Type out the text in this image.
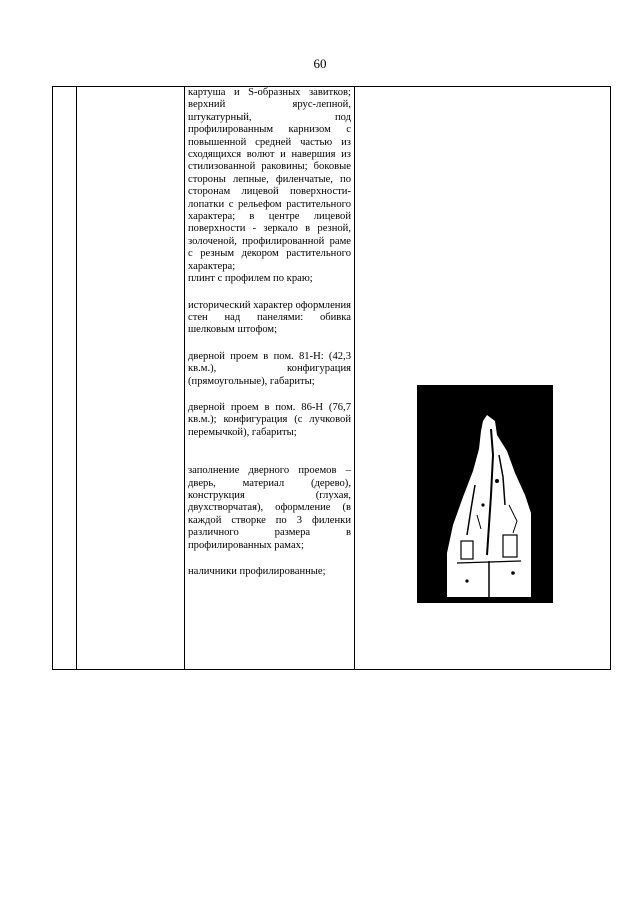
60

картуша и S-образных завитков; верхний ярус-лепной, штукатурный, под профилированным карнизом с повышенной средней частью из сходящихся волют и навершия из стилизованной раковины; боковые стороны лепные, филенчатые, по сторонам лицевой поверхности- лопатки с рельефом растительного характера; в центре лицевой поверхности - зеркало в резной, золоченой, профилированной раме с резным декором растительного характера;
плинт с профилем по краю;
исторический характер оформления стен над панелями: обивка шелковым штофом;
дверной проем в пом. 81-Н: (42,3 кв.м.), конфигурация (прямоугольные), габариты;
дверной проем в пом. 86-Н (76,7 кв.м.); конфигурация (с лучковой перемычкой), габариты;
заполнение дверного проемов – дверь, материал (дерево), конструкция (глухая, двухстворчатая), оформление (в каждой створке по 3 филенки различного размера в профилированных рамах;
наличники профилированные;
